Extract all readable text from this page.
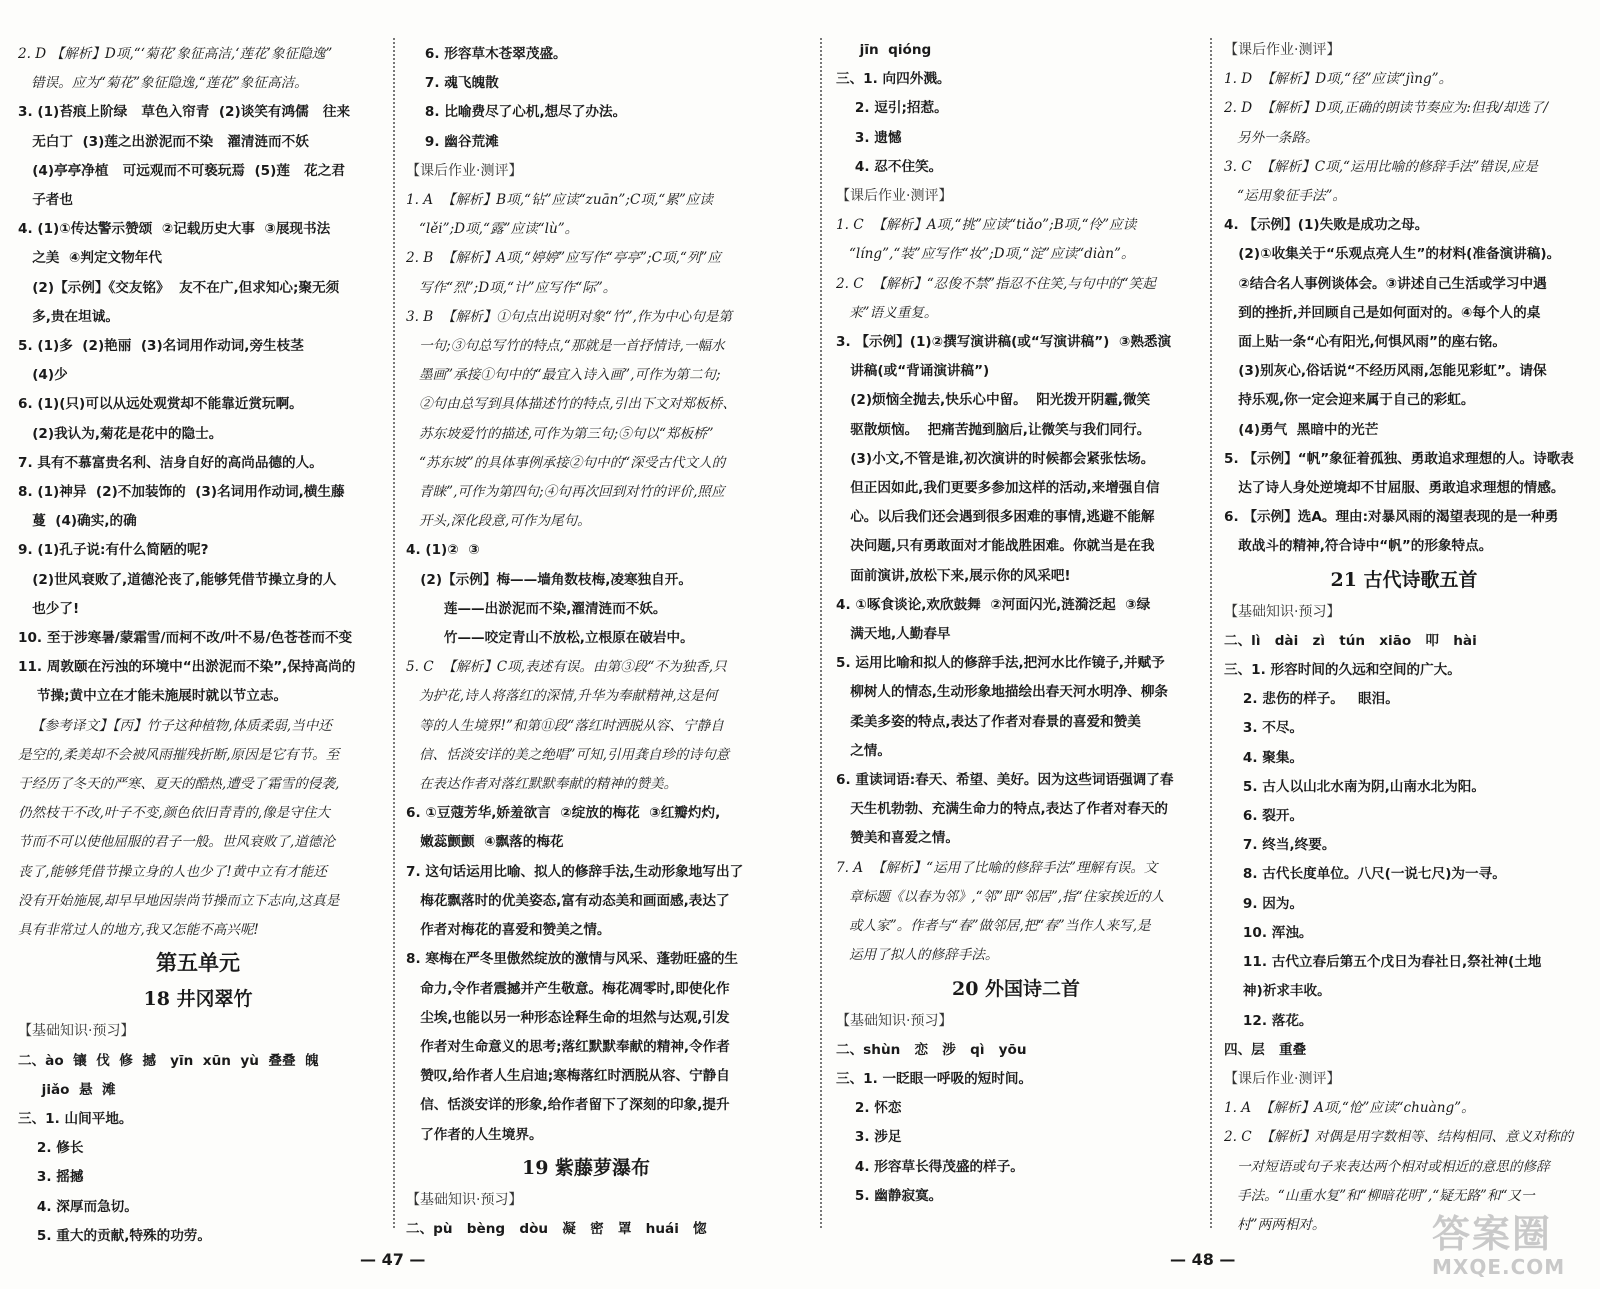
2. D 【解析】D项,“‘菊花’象征高洁,‘莲花’象征隐逸”
错误。应为“菊花”象征隐逸,“莲花”象征高洁。
3. (1)苔痕上阶绿   草色入帘青  (2)谈笑有鸿儒   往来
无白丁  (3)莲之出淤泥而不染   濯清涟而不妖
(4)亭亭净植   可远观而不可亵玩焉  (5)莲   花之君
子者也
4. (1)①传达警示赞颂  ②记载历史大事  ③展现书法
之美  ④判定文物年代
(2)【示例】《交友铭》  友不在广,但求知心;聚无须
多,贵在坦诚。
5. (1)多  (2)艳丽  (3)名词用作动词,旁生枝茎
(4)少
6. (1)(只)可以从远处观赏却不能靠近赏玩啊。
(2)我认为,菊花是花中的隐士。
7. 具有不慕富贵名利、洁身自好的高尚品德的人。
8. (1)神异  (2)不加装饰的  (3)名词用作动词,横生藤
蔓  (4)确实,的确
9. (1)孔子说:有什么简陋的呢?
(2)世风衰败了,道德沦丧了,能够凭借节操立身的人
也少了!
10. 至于涉寒暑/蒙霜雪/而柯不改/叶不易/色苍苍而不变
11. 周敦颐在污浊的环境中“出淤泥而不染”,保持高尚的
节操;黄中立在才能未施展时就以节立志。
【参考译文】【丙】竹子这种植物,体质柔弱,当中还
是空的,柔美却不会被风雨摧残折断,原因是它有节。至
于经历了冬天的严寒、夏天的酷热,遭受了霜雪的侵袭,
仍然枝干不改,叶子不变,颜色依旧青青的,像是守住大
节而不可以使他屈服的君子一般。世风衰败了,道德沦
丧了,能够凭借节操立身的人也少了!黄中立有才能还
没有开始施展,却早早地因崇尚节操而立下志向,这真是
具有非常过人的地方,我又怎能不高兴呢!
第五单元
18 井冈翠竹
【基础知识·预习】
二、ào  镶  伐  修  撼   yīn  xūn  yù  叠叠  魄
jiǎo  悬  滩
三、1. 山间平地。
2. 修长
3. 摇撼
4. 深厚而急切。
5. 重大的贡献,特殊的功劳。
6. 形容草木苍翠茂盛。
7. 魂飞魄散
8. 比喻费尽了心机,想尽了办法。
9. 幽谷荒滩
【课后作业·测评】
1. A  【解析】B项,“钻”应读“zuān”;C项,“累”应读
“lěi”;D项,“露”应读“lù”。
2. B  【解析】A项,“婷婷”应写作“亭亭”;C项,“列”应
写作“烈”;D项,“计”应写作“际”。
3. B  【解析】①句点出说明对象“竹”,作为中心句是第
一句;③句总写竹的特点,“那就是一首抒情诗,一幅水
墨画”承接①句中的“最宜入诗入画”,可作为第二句;
②句由总写到具体描述竹的特点,引出下文对郑板桥、
苏东坡爱竹的描述,可作为第三句;⑤句以“郑板桥”
“苏东坡”的具体事例承接②句中的“深受古代文人的
青睐”,可作为第四句;④句再次回到对竹的评价,照应
开头,深化段意,可作为尾句。
4. (1)②  ③
(2)【示例】梅——墙角数枝梅,凌寒独自开。
莲——出淤泥而不染,濯清涟而不妖。
竹——咬定青山不放松,立根原在破岩中。
5. C  【解析】C项,表述有误。由第③段“不为独香,只
为护花,诗人将落红的深情,升华为奉献精神,这是何
等的人生境界!”和第⑪段“落红时洒脱从容、宁静自
信、恬淡安详的美之绝唱”可知,引用龚自珍的诗句意
在表达作者对落红默默奉献的精神的赞美。
6. ①豆蔻芳华,娇羞欲言  ②绽放的梅花  ③红瓣灼灼,
嫩蕊颤颤  ④飘落的梅花
7. 这句话运用比喻、拟人的修辞手法,生动形象地写出了
梅花飘落时的优美姿态,富有动态美和画面感,表达了
作者对梅花的喜爱和赞美之情。
8. 寒梅在严冬里傲然绽放的激情与风采、蓬勃旺盛的生
命力,令作者震撼并产生敬意。梅花凋零时,即使化作
尘埃,也能以另一种形态诠释生命的坦然与达观,引发
作者对生命意义的思考;落红默默奉献的精神,令作者
赞叹,给作者人生启迪;寒梅落红时洒脱从容、宁静自
信、恬淡安详的形象,给作者留下了深刻的印象,提升
了作者的人生境界。
19 紫藤萝瀑布
【基础知识·预习】
二、pù   bèng   dòu   凝   密   罩   huái   惚
jīn  qióng
三、1. 向四外溅。
2. 逗引;招惹。
3. 遗憾
4. 忍不住笑。
【课后作业·测评】
1. C  【解析】A项,“挑”应读“tiǎo”;B项,“伶”应读
“líng”,“装”应写作“妆”;D项,“淀”应读“diàn”。
2. C  【解析】“忍俊不禁”指忍不住笑,与句中的“笑起
来”语义重复。
3. 【示例】(1)②撰写演讲稿(或“写演讲稿”)  ③熟悉演
讲稿(或“背诵演讲稿”)
(2)烦恼全抛去,快乐心中留。  阳光拨开阴霾,微笑
驱散烦恼。  把痛苦抛到脑后,让微笑与我们同行。
(3)小文,不管是谁,初次演讲的时候都会紧张怯场。
但正因如此,我们更要多参加这样的活动,来增强自信
心。以后我们还会遇到很多困难的事情,逃避不能解
决问题,只有勇敢面对才能战胜困难。你就当是在我
面前演讲,放松下来,展示你的风采吧!
4. ①啄食谈论,欢欣鼓舞  ②河面闪光,涟漪泛起  ③绿
满天地,人勤春早
5. 运用比喻和拟人的修辞手法,把河水比作镜子,并赋予
柳树人的情态,生动形象地描绘出春天河水明净、柳条
柔美多姿的特点,表达了作者对春景的喜爱和赞美
之情。
6. 重读词语:春天、希望、美好。因为这些词语强调了春
天生机勃勃、充满生命力的特点,表达了作者对春天的
赞美和喜爱之情。
7. A  【解析】“运用了比喻的修辞手法”理解有误。文
章标题《以春为邻》,“邻”即“邻居”,指“住家挨近的人
或人家”。作者与“春”做邻居,把“春”当作人来写,是
运用了拟人的修辞手法。
20 外国诗二首
【基础知识·预习】
二、shùn   恋   涉   qì   yōu
三、1. 一眨眼一呼吸的短时间。
2. 怀恋
3. 涉足
4. 形容草长得茂盛的样子。
5. 幽静寂寞。
【课后作业·测评】
1. D  【解析】D项,“径”应读“jìng”。
2. D  【解析】D项,正确的朗读节奏应为:但我/却选了/
另外一条路。
3. C  【解析】C项,“运用比喻的修辞手法”错误,应是
“运用象征手法”。
4. 【示例】(1)失败是成功之母。
(2)①收集关于“乐观点亮人生”的材料(准备演讲稿)。
②结合名人事例谈体会。③讲述自己生活或学习中遇
到的挫折,并回顾自己是如何面对的。④每个人的桌
面上贴一条“心有阳光,何惧风雨”的座右铭。
(3)别灰心,俗话说“不经历风雨,怎能见彩虹”。请保
持乐观,你一定会迎来属于自己的彩虹。
(4)勇气  黑暗中的光芒
5. 【示例】“帆”象征着孤独、勇敢追求理想的人。诗歌表
达了诗人身处逆境却不甘屈服、勇敢追求理想的情感。
6. 【示例】选A。理由:对暴风雨的渴望表现的是一种勇
敢战斗的精神,符合诗中“帆”的形象特点。
21 古代诗歌五首
【基础知识·预习】
二、lì   dài   zì   tún   xiāo   叩   hài
三、1. 形容时间的久远和空间的广大。
2. 悲伤的样子。   眼泪。
3. 不尽。
4. 聚集。
5. 古人以山北水南为阴,山南水北为阳。
6. 裂开。
7. 终当,终要。
8. 古代长度单位。八尺(一说七尺)为一寻。
9. 因为。
10. 浑浊。
11. 古代立春后第五个戊日为春社日,祭社神(土地
神)祈求丰收。
12. 落花。
四、层   重叠
【课后作业·测评】
1. A  【解析】A项,“怆”应读“chuàng”。
2. C  【解析】对偶是用字数相等、结构相同、意义对称的
一对短语或句子来表达两个相对或相近的意思的修辞
手法。“山重水复”和“柳暗花明”,“疑无路”和“又一
村”两两相对。
— 47 —	— 48 —
答案圈
MXQE.COM
